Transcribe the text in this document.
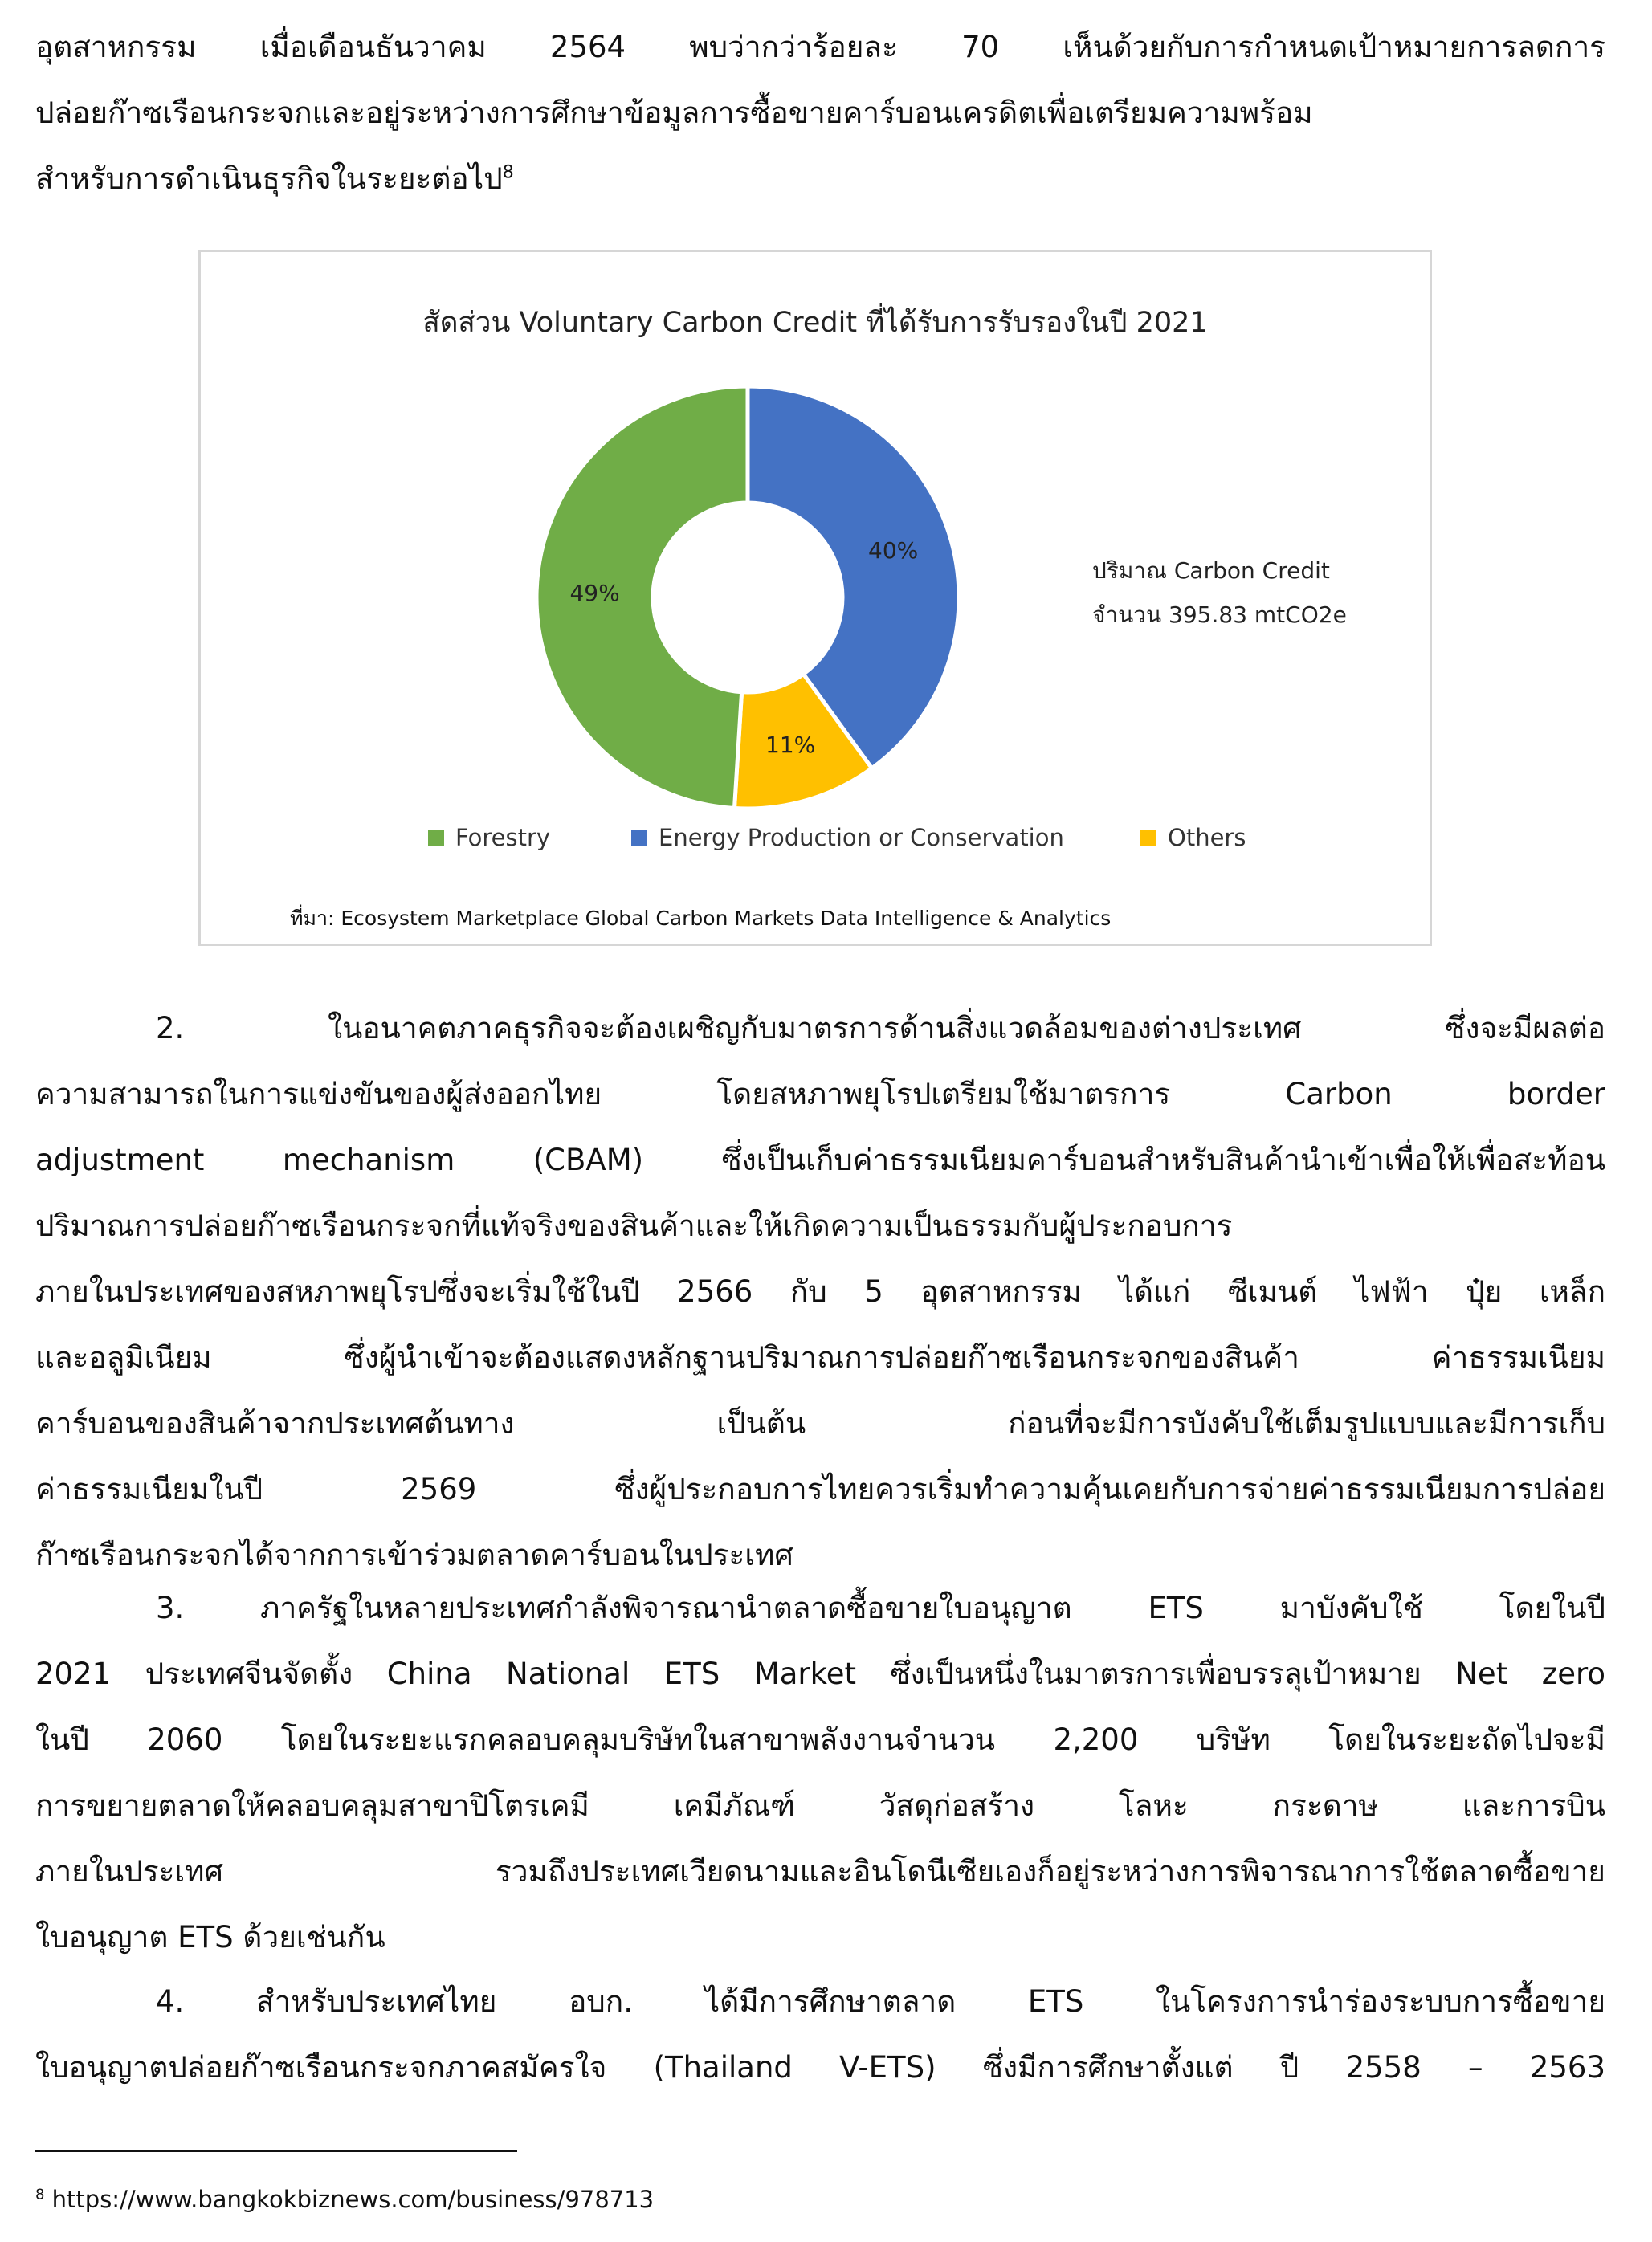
อุตสาหกรรม เมื่อเดือนธันวาคม 2564 พบว่ากว่าร้อยละ 70 เห็นด้วยกับการกำหนดเป้าหมายการลดการ
ปล่อยก๊าซเรือนกระจกและอยู่ระหว่างการศึกษาข้อมูลการซื้อขายคาร์บอนเครดิตเพื่อเตรียมความพร้อม
สำหรับการดำเนินธุรกิจในระยะต่อไป$^8$
สัดส่วน Voluntary Carbon Credit ที่ได้รับการรับรองในปี 2021
40%
11%
49%
ปริมาณ Carbon Credit
จำนวน 395.83 mtCO2e
Forestry	Energy Production or Conservation	Others
ที่มา: Ecosystem Marketplace Global Carbon Markets Data Intelligence & Analytics
2. ในอนาคตภาคธุรกิจจะต้องเผชิญกับมาตรการด้านสิ่งแวดล้อมของต่างประเทศ ซึ่งจะมีผลต่อ
ความสามารถในการแข่งขันของผู้ส่งออกไทย โดยสหภาพยุโรปเตรียมใช้มาตรการ Carbon border
adjustment mechanism (CBAM) ซึ่งเป็นเก็บค่าธรรมเนียมคาร์บอนสำหรับสินค้านำเข้าเพื่อให้เพื่อสะท้อน
ปริมาณการปล่อยก๊าซเรือนกระจกที่แท้จริงของสินค้าและให้เกิดความเป็นธรรมกับผู้ประกอบการ
ภายในประเทศของสหภาพยุโรปซึ่งจะเริ่มใช้ในปี 2566 กับ 5 อุตสาหกรรม ได้แก่ ซีเมนต์ ไฟฟ้า ปุ๋ย เหล็ก
และอลูมิเนียม ซึ่งผู้นำเข้าจะต้องแสดงหลักฐานปริมาณการปล่อยก๊าซเรือนกระจกของสินค้า ค่าธรรมเนียม
คาร์บอนของสินค้าจากประเทศต้นทาง เป็นต้น ก่อนที่จะมีการบังคับใช้เต็มรูปแบบและมีการเก็บ
ค่าธรรมเนียมในปี 2569 ซึ่งผู้ประกอบการไทยควรเริ่มทำความคุ้นเคยกับการจ่ายค่าธรรมเนียมการปล่อย
ก๊าซเรือนกระจกได้จากการเข้าร่วมตลาดคาร์บอนในประเทศ
3. ภาครัฐในหลายประเทศกำลังพิจารณานำตลาดซื้อขายใบอนุญาต ETS มาบังคับใช้ โดยในปี
2021 ประเทศจีนจัดตั้ง China National ETS Market ซึ่งเป็นหนึ่งในมาตรการเพื่อบรรลุเป้าหมาย Net zero
ในปี 2060 โดยในระยะแรกคลอบคลุมบริษัทในสาขาพลังงานจำนวน 2,200 บริษัท โดยในระยะถัดไปจะมี
การขยายตลาดให้คลอบคลุมสาขาปิโตรเคมี เคมีภัณฑ์ วัสดุก่อสร้าง โลหะ กระดาษ และการบิน
ภายในประเทศ รวมถึงประเทศเวียดนามและอินโดนีเซียเองก็อยู่ระหว่างการพิจารณาการใช้ตลาดซื้อขาย
ใบอนุญาต ETS ด้วยเช่นกัน
4. สำหรับประเทศไทย อบก. ได้มีการศึกษาตลาด ETS ในโครงการนำร่องระบบการซื้อขาย
ใบอนุญาตปล่อยก๊าซเรือนกระจกภาคสมัครใจ (Thailand V-ETS) ซึ่งมีการศึกษาตั้งแต่ ปี 2558 – 2563
$^8$ https://www.bangkokbiznews.com/business/978713
